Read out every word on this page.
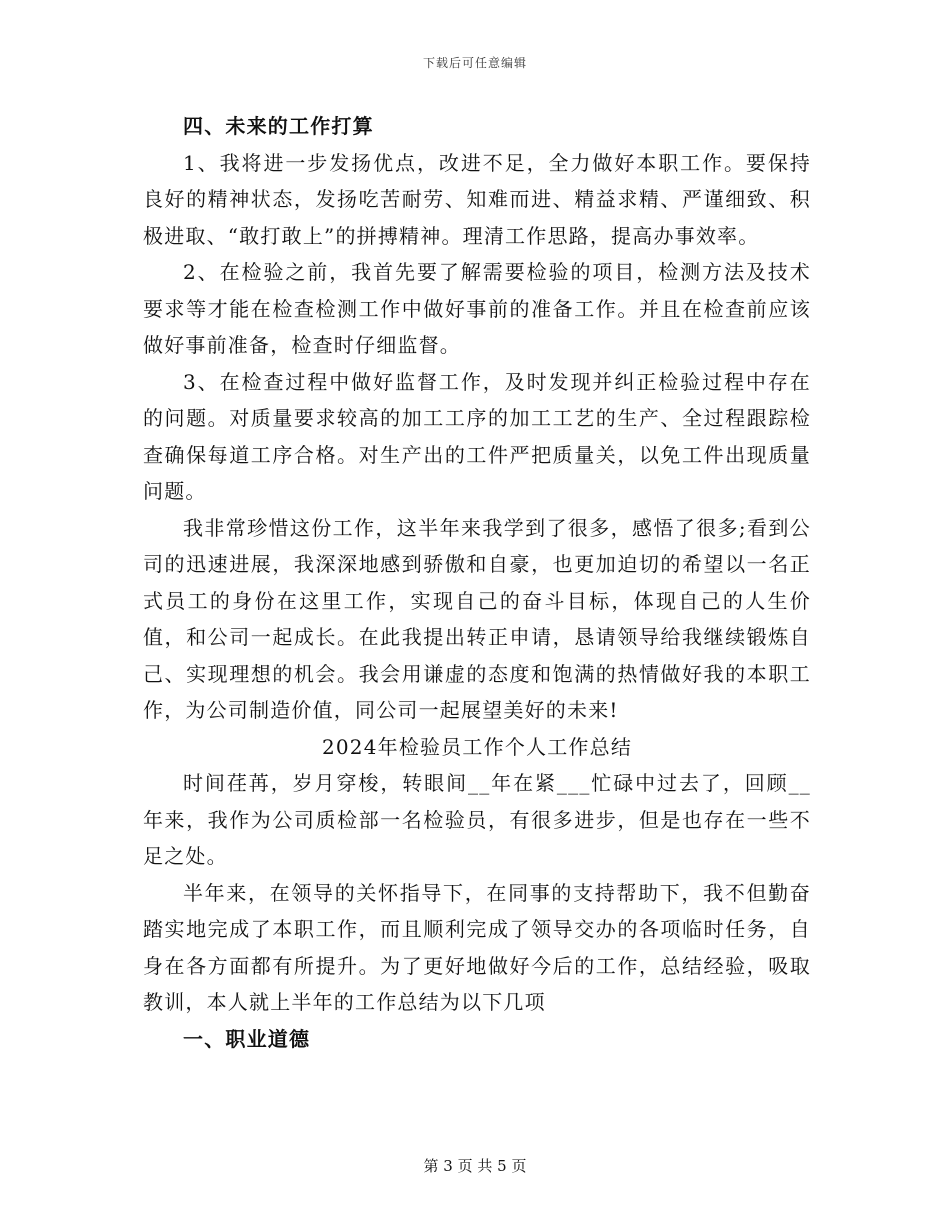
下载后可任意编辑

四、未来的工作打算

1、我将进一步发扬优点，改进不足，全力做好本职工作。要保持良好的精神状态，发扬吃苦耐劳、知难而进、精益求精、严谨细致、积极进取、“敢打敢上”的拼搏精神。理清工作思路，提高办事效率。

2、在检验之前，我首先要了解需要检验的项目，检测方法及技术要求等才能在检查检测工作中做好事前的准备工作。并且在检查前应该做好事前准备，检查时仔细监督。

3、在检查过程中做好监督工作，及时发现并纠正检验过程中存在的问题。对质量要求较高的加工工序的加工工艺的生产、全过程跟踪检查确保每道工序合格。对生产出的工件严把质量关，以免工件出现质量问题。

我非常珍惜这份工作，这半年来我学到了很多，感悟了很多;看到公司的迅速进展，我深深地感到骄傲和自豪，也更加迫切的希望以一名正式员工的身份在这里工作，实现自己的奋斗目标，体现自己的人生价值，和公司一起成长。在此我提出转正申请，恳请领导给我继续锻炼自己、实现理想的机会。我会用谦虚的态度和饱满的热情做好我的本职工作，为公司制造价值，同公司一起展望美好的未来!

2024年检验员工作个人工作总结

时间荏苒，岁月穿梭，转眼间__年在紧___忙碌中过去了，回顾__年来，我作为公司质检部一名检验员，有很多进步，但是也存在一些不足之处。

半年来，在领导的关怀指导下，在同事的支持帮助下，我不但勤奋踏实地完成了本职工作，而且顺利完成了领导交办的各项临时任务，自身在各方面都有所提升。为了更好地做好今后的工作，总结经验，吸取教训，本人就上半年的工作总结为以下几项

一、职业道德

第 3 页 共 5 页
